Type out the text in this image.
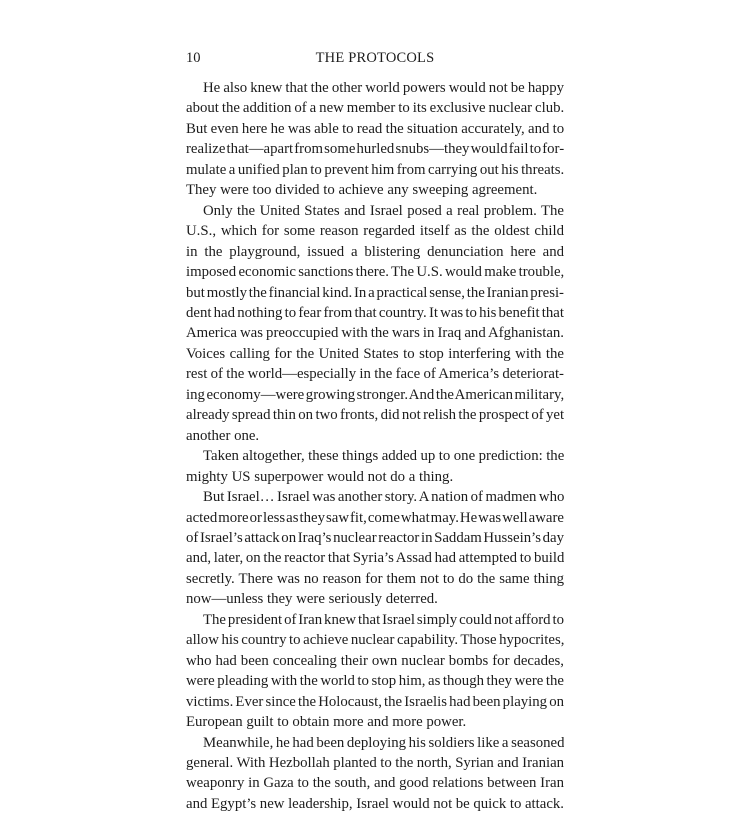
10	THE PROTOCOLS
He also knew that the other world powers would not be happy
about the addition of a new member to its exclusive nuclear club.
But even here he was able to read the situation accurately, and to
realize that—apart from some hurled snubs—they would fail to for-
mulate a unified plan to prevent him from carrying out his threats.
They were too divided to achieve any sweeping agreement.
Only the United States and Israel posed a real problem. The
U.S., which for some reason regarded itself as the oldest child
in the playground, issued a blistering denunciation here and
imposed economic sanctions there. The U.S. would make trouble,
but mostly the financial kind. In a practical sense, the Iranian presi-
dent had nothing to fear from that country. It was to his benefit that
America was preoccupied with the wars in Iraq and Afghanistan.
Voices calling for the United States to stop interfering with the
rest of the world—especially in the face of America’s deteriorat-
ing economy—were growing stronger. And the American military,
already spread thin on two fronts, did not relish the prospect of yet
another one.
Taken altogether, these things added up to one prediction: the
mighty US superpower would not do a thing.
But Israel… Israel was another story. A nation of madmen who
acted more or less as they saw fit, come what may. He was well aware
of Israel’s attack on Iraq’s nuclear reactor in Saddam Hussein’s day
and, later, on the reactor that Syria’s Assad had attempted to build
secretly. There was no reason for them not to do the same thing
now—unless they were seriously deterred.
The president of Iran knew that Israel simply could not afford to
allow his country to achieve nuclear capability. Those hypocrites,
who had been concealing their own nuclear bombs for decades,
were pleading with the world to stop him, as though they were the
victims. Ever since the Holocaust, the Israelis had been playing on
European guilt to obtain more and more power.
Meanwhile, he had been deploying his soldiers like a seasoned
general. With Hezbollah planted to the north, Syrian and Iranian
weaponry in Gaza to the south, and good relations between Iran
and Egypt’s new leadership, Israel would not be quick to attack.
